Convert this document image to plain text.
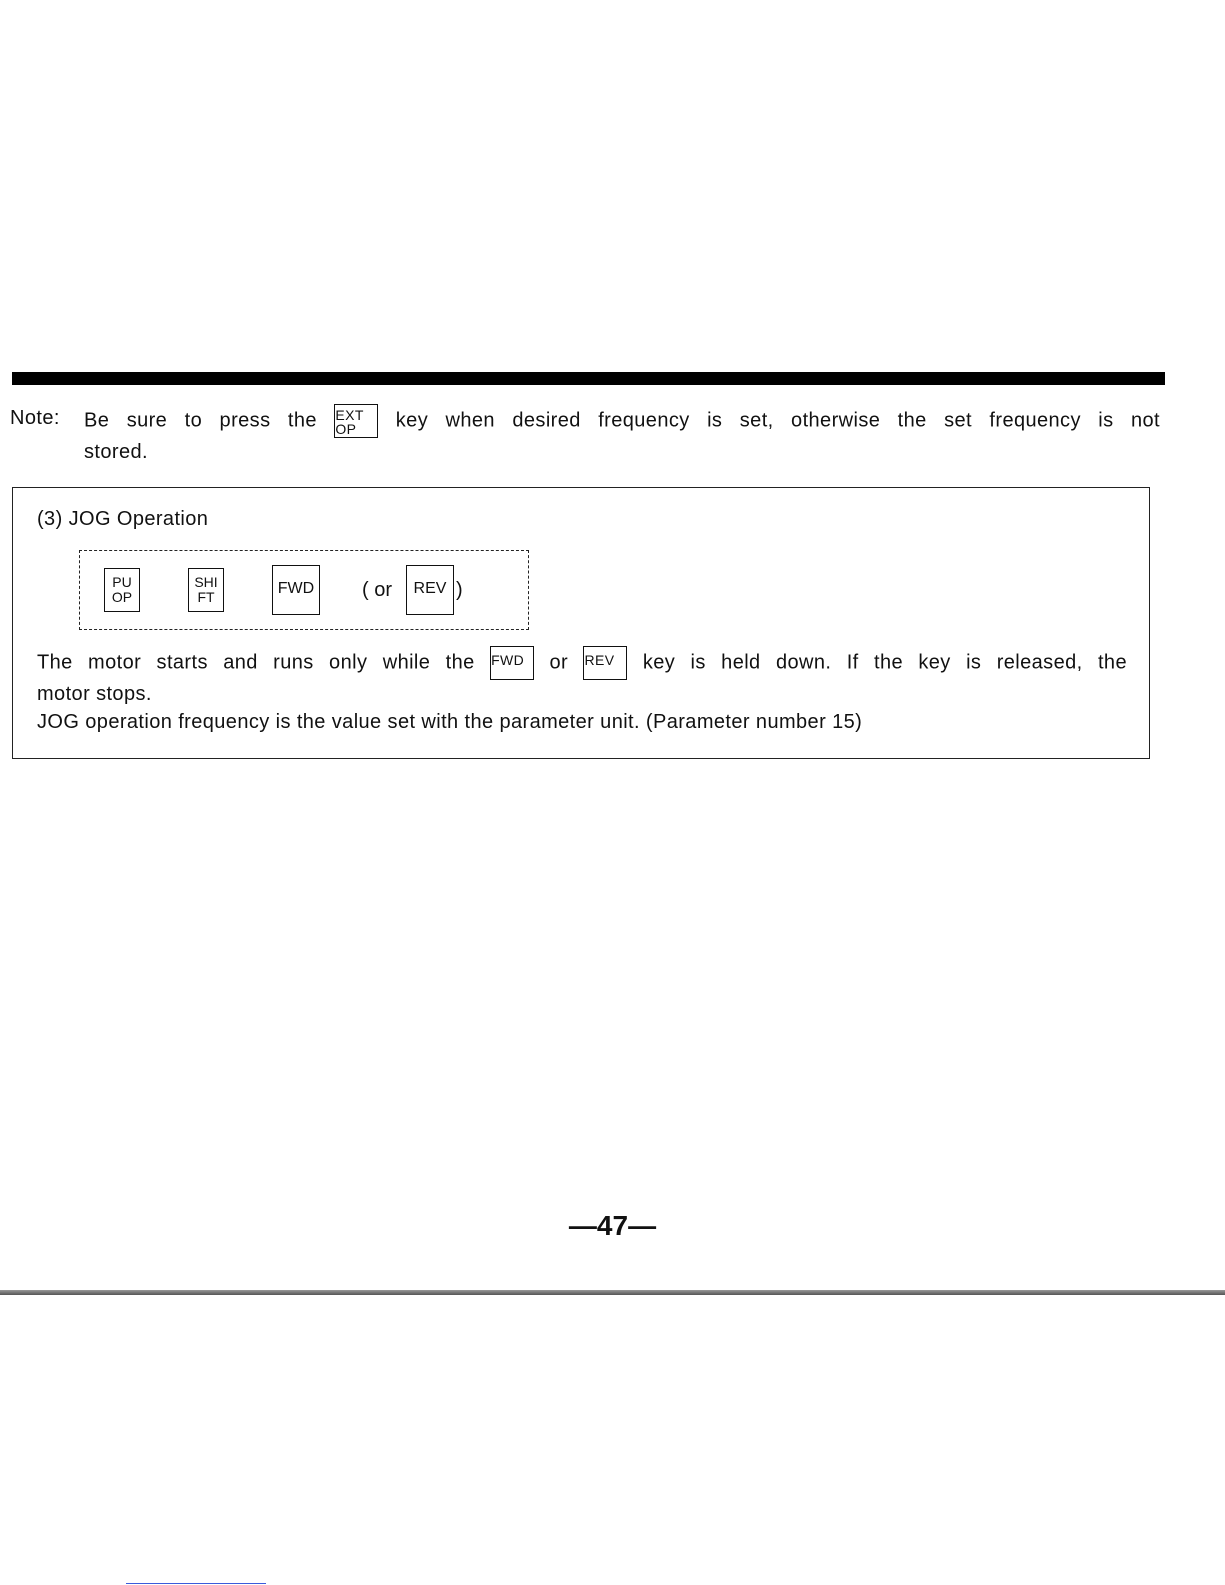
Note:	Be sure to press the EXT
OP key when desired frequency is set, otherwise the set frequency is not
stored.
(3) JOG Operation
PU
OP
SHI
FT	FWD ( or	REV )
The motor starts and runs only while the FWD or REV key is held down. If the key is released, the
motor stops.
JOG operation frequency is the value set with the parameter unit. (Parameter number 15)
—47—
